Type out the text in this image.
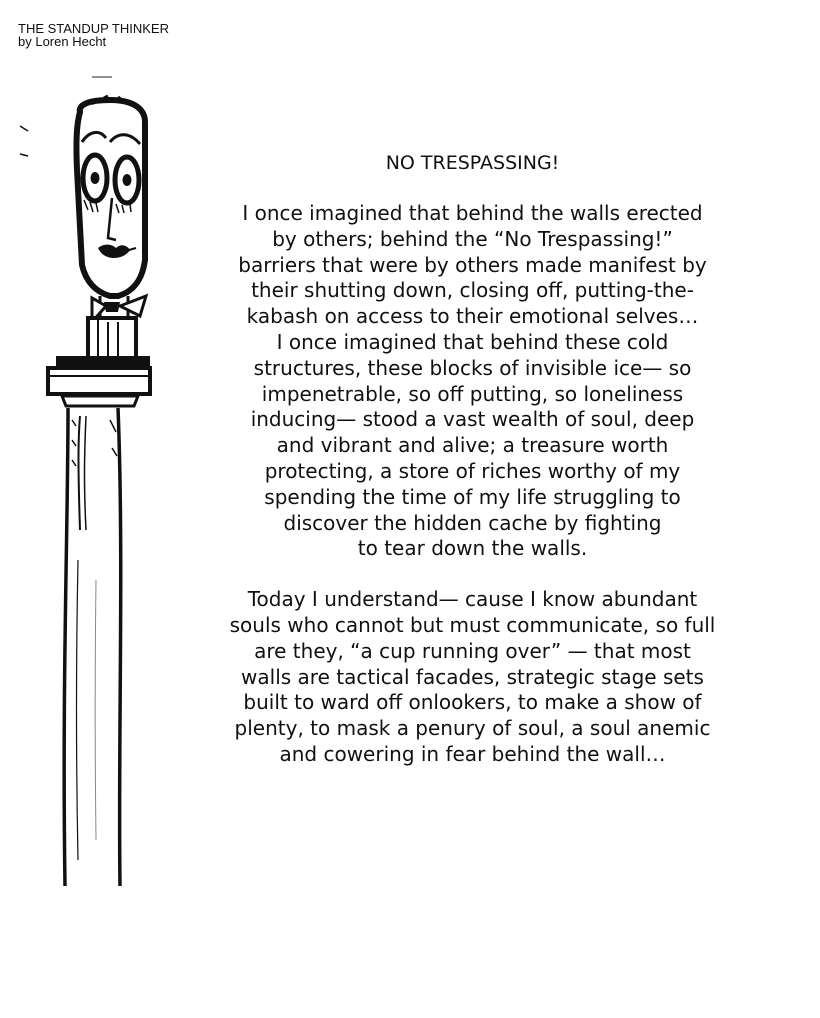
THE STANDUP THINKER
by Loren Hecht
NO TRESPASSING!
I once imagined that behind the walls erected
by others; behind the “No Trespassing!”
barriers that were by others made manifest by
their shutting down, closing off, putting-the-
kabash on access to their emotional selves…
I once imagined that behind these cold
structures, these blocks of invisible ice— so
impenetrable, so off putting, so loneliness
inducing— stood a vast wealth of soul, deep
and vibrant and alive; a treasure worth
protecting, a store of riches worthy of my
spending the time of my life struggling to
discover the hidden cache by fighting
to tear down the walls.
Today I understand— cause I know abundant
souls who cannot but must communicate, so full
are they, “a cup running over” — that most
walls are tactical facades, strategic stage sets
built to ward off onlookers, to make a show of
plenty, to mask a penury of soul, a soul anemic
and cowering in fear behind the wall…
